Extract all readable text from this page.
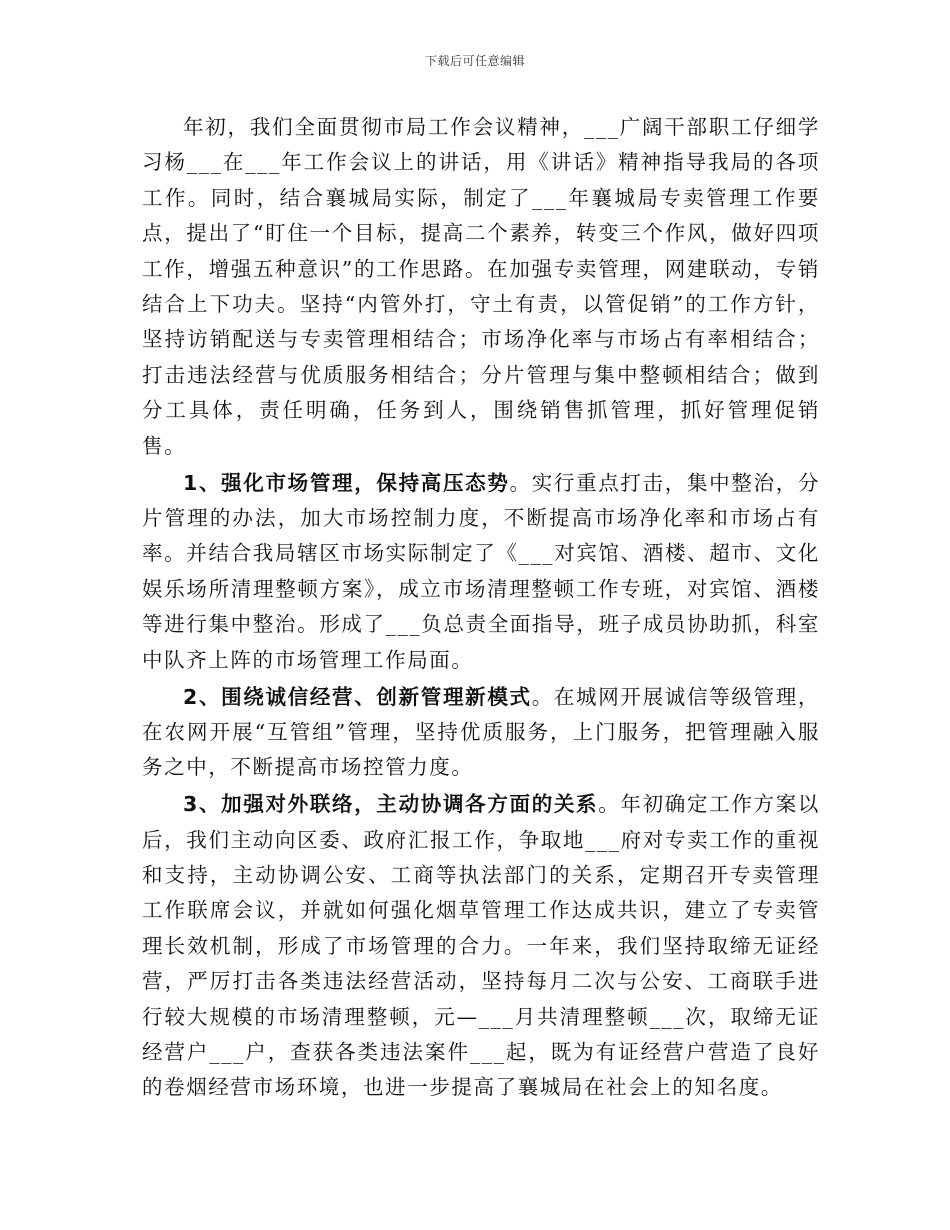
下载后可任意编辑

年初，我们全面贯彻市局工作会议精神，___广阔干部职工仔细学习杨___在___年工作会议上的讲话，用《讲话》精神指导我局的各项工作。同时，结合襄城局实际，制定了___年襄城局专卖管理工作要点，提出了“盯住一个目标，提高二个素养，转变三个作风，做好四项工作，增强五种意识”的工作思路。在加强专卖管理，网建联动，专销结合上下功夫。坚持“内管外打，守土有责，以管促销”的工作方针，坚持访销配送与专卖管理相结合；市场净化率与市场占有率相结合；打击违法经营与优质服务相结合；分片管理与集中整顿相结合；做到分工具体，责任明确，任务到人，围绕销售抓管理，抓好管理促销售。

1、强化市场管理，保持高压态势。实行重点打击，集中整治，分片管理的办法，加大市场控制力度，不断提高市场净化率和市场占有率。并结合我局辖区市场实际制定了《___对宾馆、酒楼、超市、文化娱乐场所清理整顿方案》，成立市场清理整顿工作专班，对宾馆、酒楼等进行集中整治。形成了___负总责全面指导，班子成员协助抓，科室中队齐上阵的市场管理工作局面。

2、围绕诚信经营、创新管理新模式。在城网开展诚信等级管理，在农网开展“互管组”管理，坚持优质服务，上门服务，把管理融入服务之中，不断提高市场控管力度。

3、加强对外联络，主动协调各方面的关系。年初确定工作方案以后，我们主动向区委、政府汇报工作，争取地___府对专卖工作的重视和支持，主动协调公安、工商等执法部门的关系，定期召开专卖管理工作联席会议，并就如何强化烟草管理工作达成共识，建立了专卖管理长效机制，形成了市场管理的合力。一年来，我们坚持取缔无证经营，严厉打击各类违法经营活动，坚持每月二次与公安、工商联手进行较大规模的市场清理整顿，元—___月共清理整顿___次，取缔无证经营户___户，查获各类违法案件___起，既为有证经营户营造了良好的卷烟经营市场环境，也进一步提高了襄城局在社会上的知名度。
